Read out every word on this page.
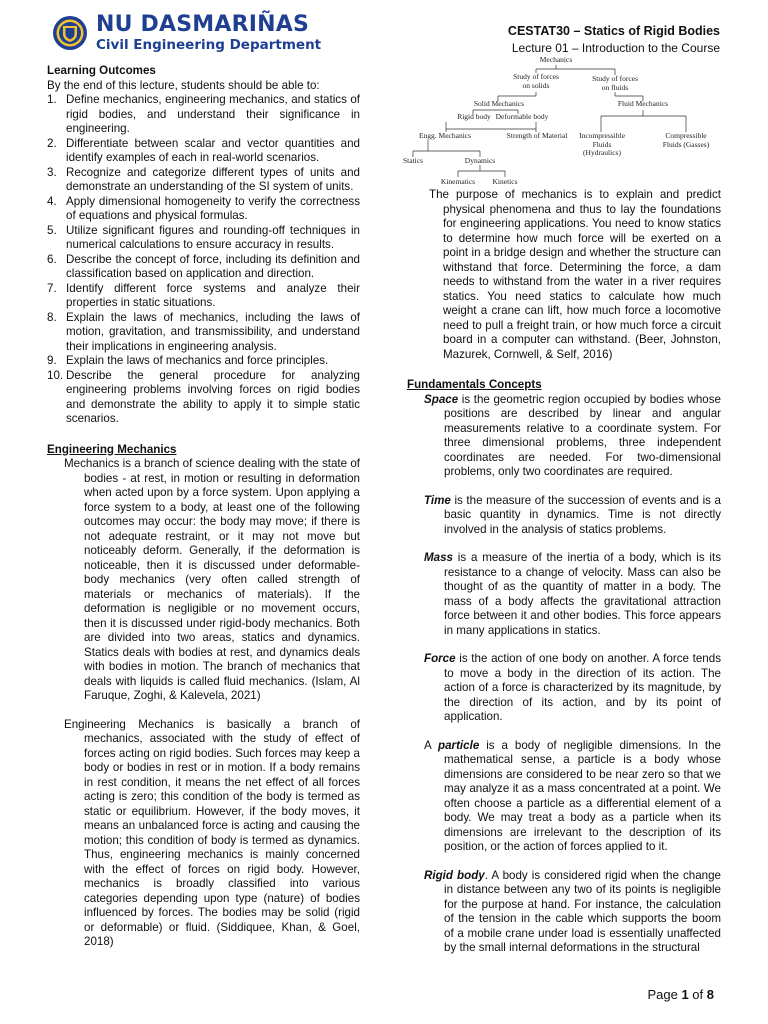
NU DASMARIÑAS
Civil Engineering Department
CESTAT30 – Statics of Rigid Bodies
Lecture 01 – Introduction to the Course

Learning Outcomes

By the end of this lecture, students should be able to:

1. Define mechanics, engineering mechanics, and statics of rigid bodies, and understand their significance in engineering.
2. Differentiate between scalar and vector quantities and identify examples of each in real-world scenarios.
3. Recognize and categorize different types of units and demonstrate an understanding of the SI system of units.
4. Apply dimensional homogeneity to verify the correctness of equations and physical formulas.
5. Utilize significant figures and rounding-off techniques in numerical calculations to ensure accuracy in results.
6. Describe the concept of force, including its definition and classification based on application and direction.
7. Identify different force systems and analyze their properties in static situations.
8. Explain the laws of mechanics, including the laws of motion, gravitation, and transmissibility, and understand their implications in engineering analysis.
9. Explain the laws of mechanics and force principles.
10. Describe the general procedure for analyzing engineering problems involving forces on rigid bodies and demonstrate the ability to apply it to simple static scenarios.

Engineering Mechanics

Mechanics is a branch of science dealing with the state of bodies - at rest, in motion or resulting in deformation when acted upon by a force system. Upon applying a force system to a body, at least one of the following outcomes may occur: the body may move; if there is not adequate restraint, or it may not move but noticeably deform. Generally, if the deformation is noticeable, then it is discussed under deformable-body mechanics (very often called strength of materials or mechanics of materials). If the deformation is negligible or no movement occurs, then it is discussed under rigid-body mechanics. Both are divided into two areas, statics and dynamics. Statics deals with bodies at rest, and dynamics deals with bodies in motion. The branch of mechanics that deals with liquids is called fluid mechanics. (Islam, Al Faruque, Zoghi, & Kalevela, 2021)

Engineering Mechanics is basically a branch of mechanics, associated with the study of effect of forces acting on rigid bodies. Such forces may keep a body or bodies in rest or in motion. If a body remains in rest condition, it means the net effect of all forces acting is zero; this condition of the body is termed as static or equilibrium. However, if the body moves, it means an unbalanced force is acting and causing the motion; this condition of body is termed as dynamics. Thus, engineering mechanics is mainly concerned with the effect of forces on rigid body. However, mechanics is broadly classified into various categories depending upon type (nature) of bodies influenced by forces. The bodies may be solid (rigid or deformable) or fluid. (Siddiquee, Khan, & Goel, 2018)

Mechanics
Study of forces on solids
Study of forces on fluids
Solid Mechanics	Fluid Mechanics
Rigid body Deformable body
Engg. Mechanics	Strength of Material	Incompressible Fluids (Hydraulics)
Compressible Fluids (Gasses)
Statics	Dynamics
Kinematics	Kinetics

The purpose of mechanics is to explain and predict physical phenomena and thus to lay the foundations for engineering applications. You need to know statics to determine how much force will be exerted on a point in a bridge design and whether the structure can withstand that force. Determining the force, a dam needs to withstand from the water in a river requires statics. You need statics to calculate how much weight a crane can lift, how much force a locomotive need to pull a freight train, or how much force a circuit board in a computer can withstand. (Beer, Johnston, Mazurek, Cornwell, & Self, 2016)

Fundamentals Concepts

Space is the geometric region occupied by bodies whose positions are described by linear and angular measurements relative to a coordinate system. For three dimensional problems, three independent coordinates are needed. For two-dimensional problems, only two coordinates are required.

Time is the measure of the succession of events and is a basic quantity in dynamics. Time is not directly involved in the analysis of statics problems.

Mass is a measure of the inertia of a body, which is its resistance to a change of velocity. Mass can also be thought of as the quantity of matter in a body. The mass of a body affects the gravitational attraction force between it and other bodies. This force appears in many applications in statics.

Force is the action of one body on another. A force tends to move a body in the direction of its action. The action of a force is characterized by its magnitude, by the direction of its action, and by its point of application.

A particle is a body of negligible dimensions. In the mathematical sense, a particle is a body whose dimensions are considered to be near zero so that we may analyze it as a mass concentrated at a point. We often choose a particle as a differential element of a body. We may treat a body as a particle when its dimensions are irrelevant to the description of its position, or the action of forces applied to it.

Rigid body. A body is considered rigid when the change in distance between any two of its points is negligible for the purpose at hand. For instance, the calculation of the tension in the cable which supports the boom of a mobile crane under load is essentially unaffected by the small internal deformations in the structural

Page 1 of 8
